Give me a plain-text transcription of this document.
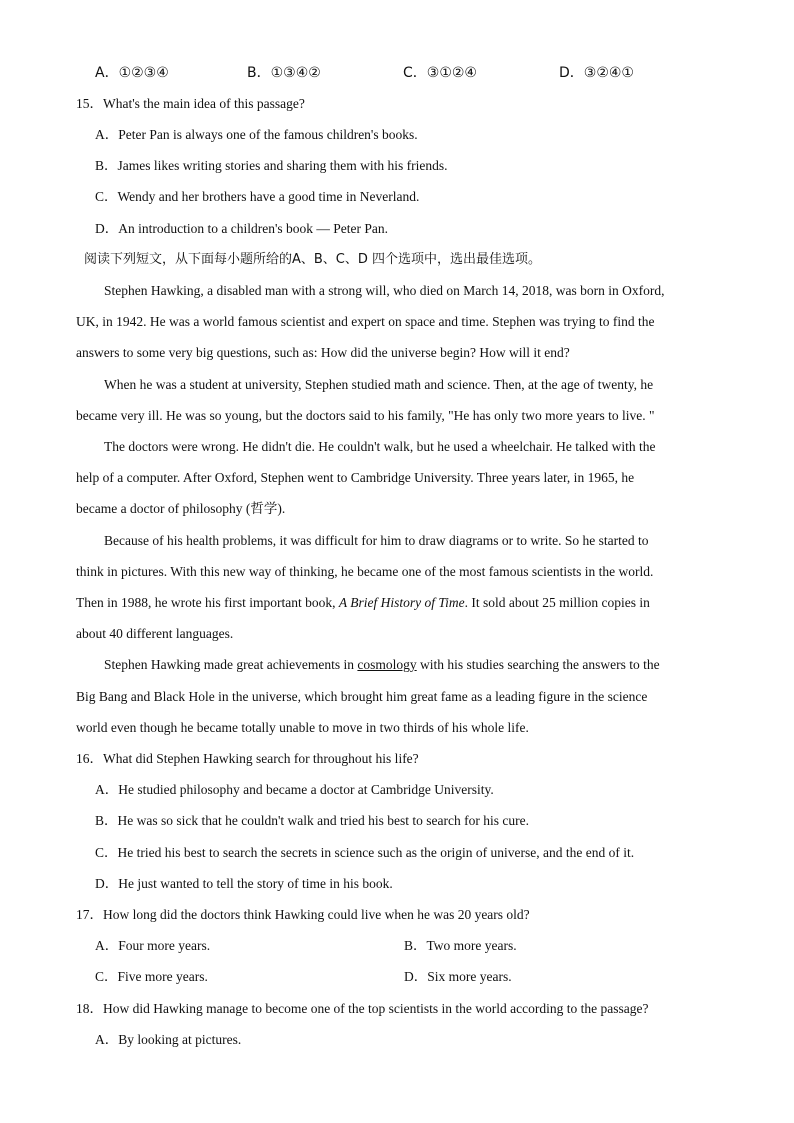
A．①②③④	B．①③④②	C．③①②④	D．③②④①
15．What's the main idea of this passage?
A．Peter Pan is always one of the famous children's books.
B．James likes writing stories and sharing them with his friends.
C．Wendy and her brothers have a good time in Neverland.
D．An introduction to a children's book — Peter Pan.
阅读下列短文，从下面每小题所给的A、B、C、D 四个选项中，选出最佳选项。
Stephen Hawking, a disabled man with a strong will, who died on March 14, 2018, was born in Oxford,
UK, in 1942. He was a world famous scientist and expert on space and time. Stephen was trying to find the
answers to some very big questions, such as: How did the universe begin? How will it end?
When he was a student at university, Stephen studied math and science. Then, at the age of twenty, he
became very ill. He was so young, but the doctors said to his family, "He has only two more years to live. "
The doctors were wrong. He didn't die. He couldn't walk, but he used a wheelchair. He talked with the
help of a computer. After Oxford, Stephen went to Cambridge University. Three years later, in 1965, he
became a doctor of philosophy (哲学).
Because of his health problems, it was difficult for him to draw diagrams or to write. So he started to
think in pictures. With this new way of thinking, he became one of the most famous scientists in the world.
Then in 1988, he wrote his first important book, A Brief History of Time. It sold about 25 million copies in
about 40 different languages.
Stephen Hawking made great achievements in cosmology with his studies searching the answers to the
Big Bang and Black Hole in the universe, which brought him great fame as a leading figure in the science
world even though he became totally unable to move in two thirds of his whole life.
16．What did Stephen Hawking search for throughout his life?
A．He studied philosophy and became a doctor at Cambridge University.
B．He was so sick that he couldn't walk and tried his best to search for his cure.
C．He tried his best to search the secrets in science such as the origin of universe, and the end of it.
D．He just wanted to tell the story of time in his book.
17．How long did the doctors think Hawking could live when he was 20 years old?
A．Four more years.	B．Two more years.
C．Five more years.	D．Six more years.
18．How did Hawking manage to become one of the top scientists in the world according to the passage?
A．By looking at pictures.
